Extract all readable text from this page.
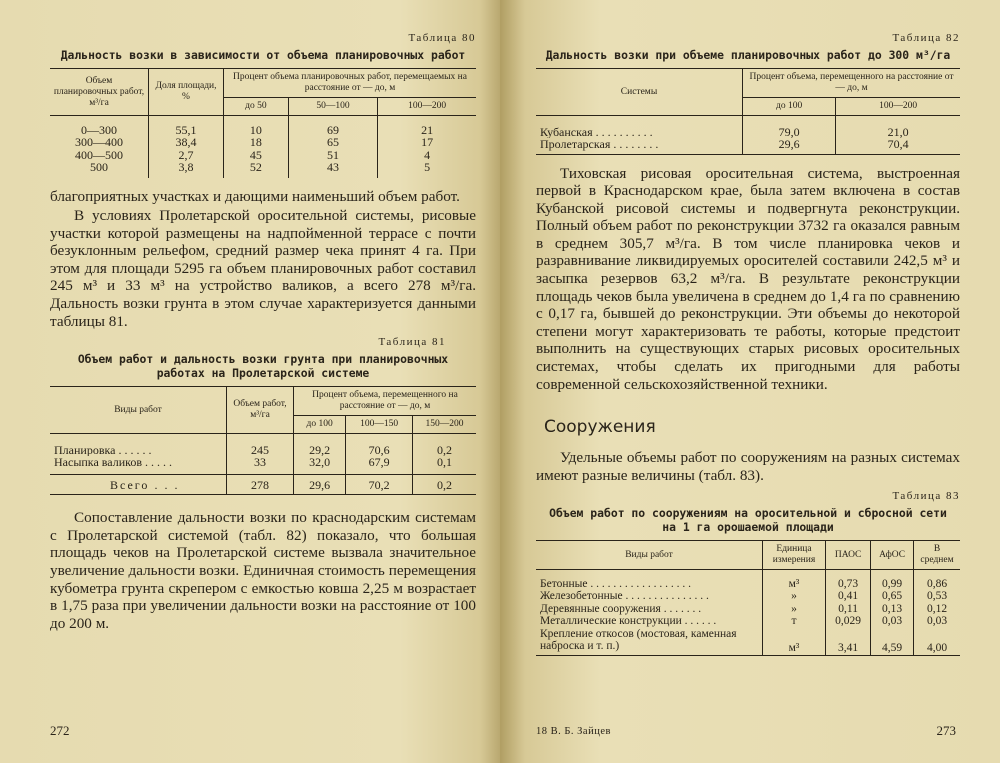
Таблица 80
Дальность возки в зависимости от объема планировочных работ
Объем планировочных работ, м³/га	Доля площади, %	Процент объема планировочных работ, перемещаемых на расстояние от — до, м		
		до 50	50—100	100—200

0—300	55,1	10	69	21
300—400	38,4	18	65	17
400—500	2,7	45	51	4
500	3,8	52	43	5

благоприятных участках и дающими наименьший объем работ.

В условиях Пролетарской оросительной системы, рисовые участки которой размещены на надпойменной террасе с почти безуклонным рельефом, средний размер чека принят 4 га. При этом для площади 5295 га объем планировочных работ составил 245 м³ и 33 м³ на устройство валиков, а всего 278 м³/га. Дальность возки грунта в этом случае характеризуется данными таблицы 81.

Таблица 81
Объем работ и дальность возки грунта при планировочных работах на Пролетарской системе
Виды работ	Объем работ, м³/га	Процент объема, перемещенного на расстояние от — до, м		
		до 100	100—150	150—200

Планировка . . . . . .	245	29,2	70,6	0,2
Насыпка валиков . . . . .	33	32,0	67,9	0,1

Всего . . .	278	29,6	70,2	0,2

Сопоставление дальности возки по краснодарским системам с Пролетарской системой (табл. 82) показало, что большая площадь чеков на Пролетарской системе вызвала значительное увеличение дальности возки. Единичная стоимость перемещения кубометра грунта скрепером с емкостью ковша 2,25 м возрастает в 1,75 раза при увеличении дальности возки на расстояние от 100 до 200 м.

272
Таблица 82
Дальность возки при объеме планировочных работ до 300 м³/га
Системы	Процент объема, перемещенного на расстояние от — до, м	
	до 100	100—200

Кубанская . . . . . . . . . .	79,0	21,0
Пролетарская . . . . . . . .	29,6	70,4

Тиховская рисовая оросительная система, выстроенная первой в Краснодарском крае, была затем включена в состав Кубанской рисовой системы и подвергнута реконструкции. Полный объем работ по реконструкции 3732 га оказался равным в среднем 305,7 м³/га. В том числе планировка чеков и разравнивание ликвидируемых оросителей составили 242,5 м³ и засыпка резервов 63,2 м³/га. В результате реконструкции площадь чеков была увеличена в среднем до 1,4 га по сравнению с 0,17 га, бывшей до реконструкции. Эти объемы до некоторой степени могут характеризовать те работы, которые предстоит выполнить на существующих старых рисовых оросительных системах, чтобы сделать их пригодными для работы современной сельскохозяйственной техники.

Сооружения

Удельные объемы работ по сооружениям на разных системах имеют разные величины (табл. 83).

Таблица 83
Объем работ по сооружениям на оросительной и сбросной сети на 1 га орошаемой площади
Виды работ	Единица измерения	ПАОС	АфОС	В среднем

Бетонные . . . . . . . . . . . . . . . . . .	м³	0,73	0,99	0,86
Железобетонные . . . . . . . . . . . . . . .	»	0,41	0,65	0,53
Деревянные сооружения . . . . . . .	»	0,11	0,13	0,12
Металлические конструкции . . . . . .	т	0,029	0,03	0,03
Крепление откосов (мостовая, каменная наброска и т. п.)	м³	3,41	4,59	4,00
18 В. Б. Зайцев	273
